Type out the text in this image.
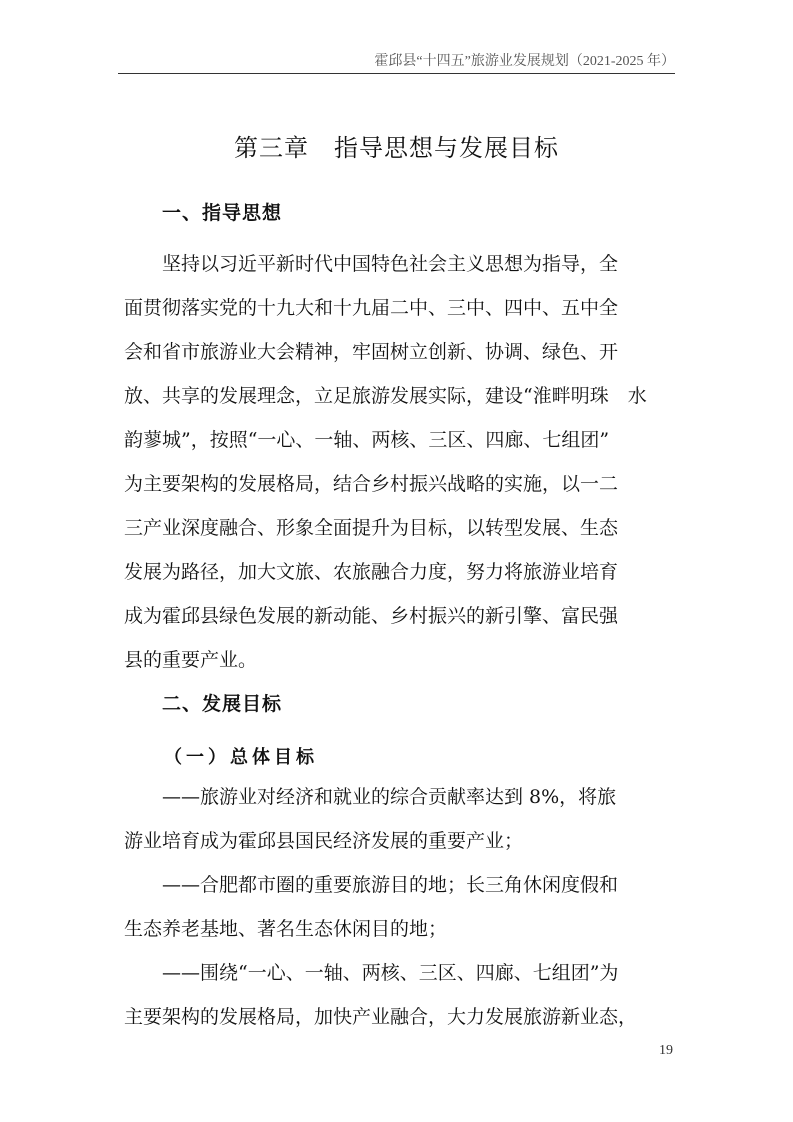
霍邱县“十四五”旅游业发展规划（2021-2025 年）
第三章　指导思想与发展目标
一、指导思想
　　坚持以习近平新时代中国特色社会主义思想为指导，全
面贯彻落实党的十九大和十九届二中、三中、四中、五中全
会和省市旅游业大会精神，牢固树立创新、协调、绿色、开
放、共享的发展理念，立足旅游发展实际，建设“淮畔明珠　水
韵蓼城”，按照“一心、一轴、两核、三区、四廊、七组团”
为主要架构的发展格局，结合乡村振兴战略的实施，以一二
三产业深度融合、形象全面提升为目标，以转型发展、生态
发展为路径，加大文旅、农旅融合力度，努力将旅游业培育
成为霍邱县绿色发展的新动能、乡村振兴的新引擎、富民强
县的重要产业。
二、发展目标
（一）总体目标
　　——旅游业对经济和就业的综合贡献率达到 8%，将旅
游业培育成为霍邱县国民经济发展的重要产业；
　　——合肥都市圈的重要旅游目的地；长三角休闲度假和
生态养老基地、著名生态休闲目的地；
　　——围绕“一心、一轴、两核、三区、四廊、七组团”为
主要架构的发展格局，加快产业融合，大力发展旅游新业态，
19
